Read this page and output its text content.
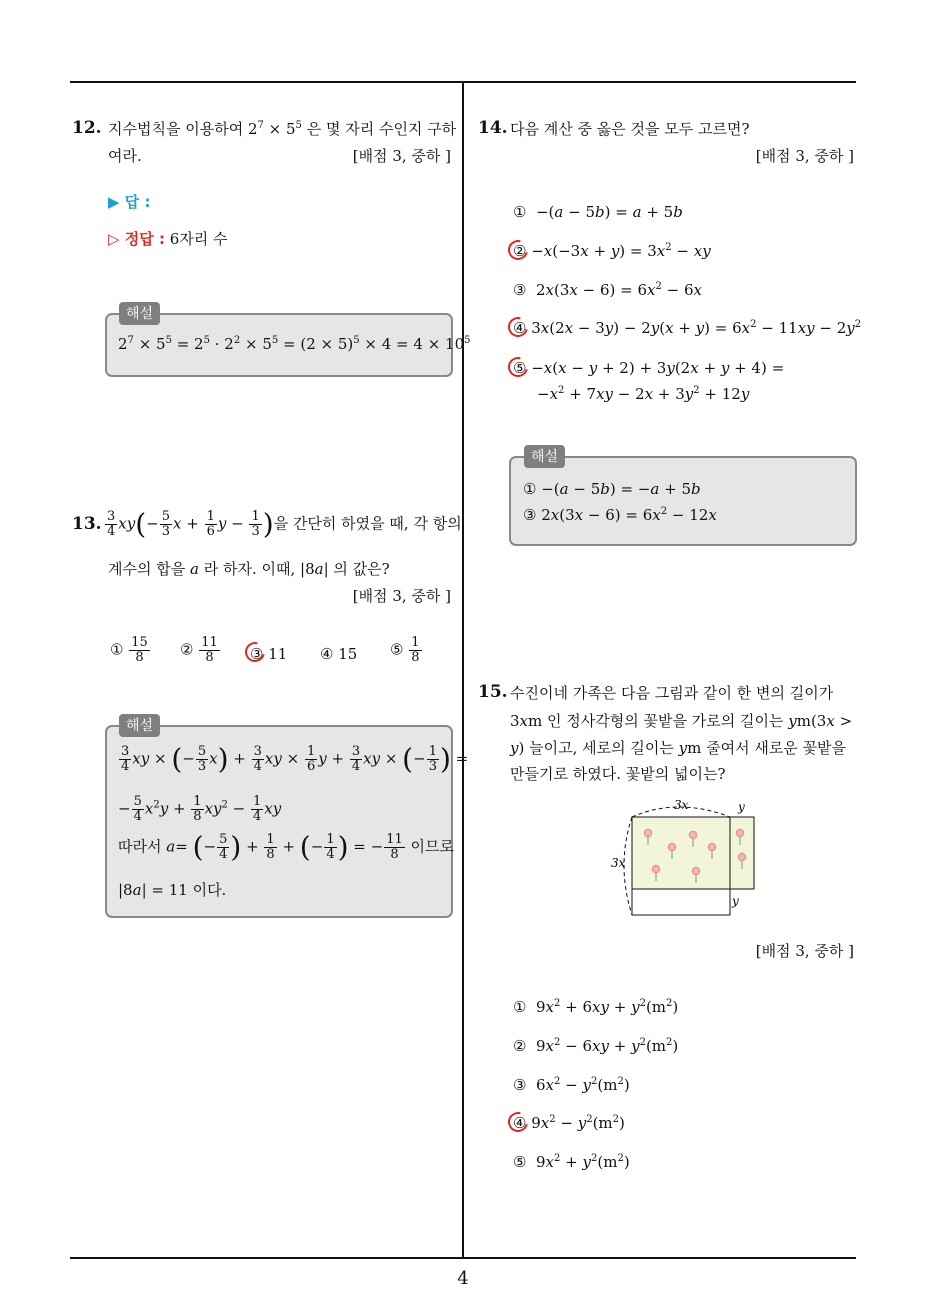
4
12. 지수법칙을 이용하여 $2^7 \times 5^5$ 은 몇 자리 수인지 구하
여라.	[배점 3, 중하 ]
▶ 답 :
▷ 정답 : 6자리 수
$2^7 \times 5^5 = 2^5 \cdot 2^2 \times 5^5 = (2 \times 5)^5 \times 4 = 4 \times 10^5$
해설
13. $\frac{3}{4} xy(- \frac{5}{3}$ $x + \frac{1}{6}$ $y - \frac{1}{3}$ )을 간단히 하였을 때, 각 항의
계수의 합을 a 라 하자. 이때, |8a| 의 값은?
[배점 3, 중하 ]
① $\frac{15}{8}$ ② $\frac{11}{8}$ ③ 11 ④ 15 ⑤ $\frac{1}{8}$
$\frac{3}{4}$ xy × (− $\frac{5}{3} x) + \frac{3}{4}$ xy × $\frac{1}{6}$ $y + \frac{3}{4}$ xy × (− $\frac{1}{3}$ ) =
− $\frac{5}{4} x^2y + \frac{1}{8} xy^2 - \frac{1}{4}$ xy
따라서 a= (− $\frac{5}{4}$ ) + $\frac{1}{8}$ + (− $\frac{1}{4}$ ) = − $\frac{11}{8}$ 이므로
|8a| = 11 이다.
해설
14. 다음 계산 중 옳은 것을 모두 고르면?
[배점 3, 중하 ]
①  −(a − 5b) = a + 5b
② $-x(-3x + y) = 3x^2$ − xy
③  $2x(3x - 6) = 6x^2 - 6x$
④ $3x(2x - 3y) - 2y(x + y) = 6x^2 - 11xy - 2y^2$
⑤ −x(x − y + 2) + 3y(2x + y + 4) =
$-x^2 + 7xy - 2x + 3y^2 + 12y$
① −(a − 5b) = −a + 5b
③ $2x(3x - 6) = 6x^2 - 12x$
해설
15. 수진이네 가족은 다음 그림과 같이 한 변의 길이가
3xm 인 정사각형의 꽃밭을 가로의 길이는 ym(3x >
y) 늘이고, 세로의 길이는 ym 줄여서 새로운 꽃밭을
만들기로 하였다. 꽃밭의 넓이는?
3x	y
3x
y
[배점 3, 중하 ]
①  $9x^2 + 6xy + y^2(m^2)$
②  $9x^2 - 6xy + y^2(m^2)$
③  $6x^2 - y^2(m^2)$
④ $9x^2 - y^2(m^2)$
⑤  $9x^2 + y^2(m^2)$
